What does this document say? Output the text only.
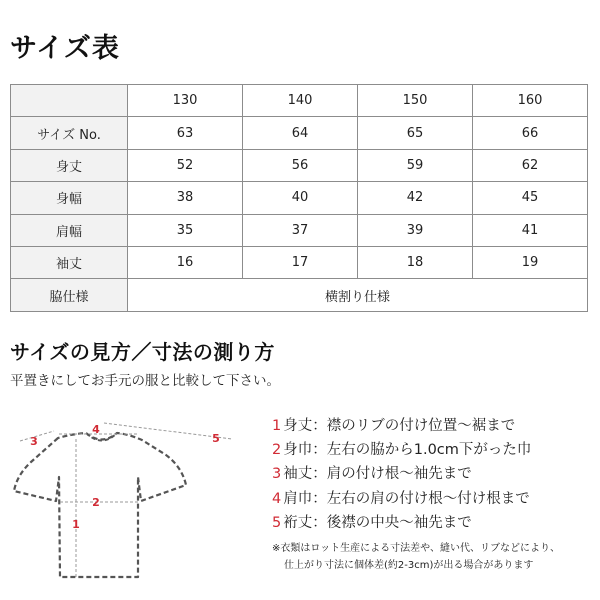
サイズ表
	130	140	150	160
サイズ No.	63	64	65	66
身丈	52	56	59	62
身幅	38	40	42	45
肩幅	35	37	39	41
袖丈	16	17	18	19
脇仕様	横割り仕様			
サイズの見方／寸法の測り方

平置きにしてお手元の服と比較して下さい。

4
5
3
2
1
1 身丈：襟のリブの付け位置～裾まで
2 身巾：左右の脇から1.0cm下がった巾
3 袖丈：肩の付け根～袖先まで
4 肩巾：左右の肩の付け根～付け根まで
5 裄丈：後襟の中央～袖先まで
※衣類はロット生産による寸法差や、縫い代、リブなどにより、
仕上がり寸法に個体差(約2-3cm)が出る場合があります
